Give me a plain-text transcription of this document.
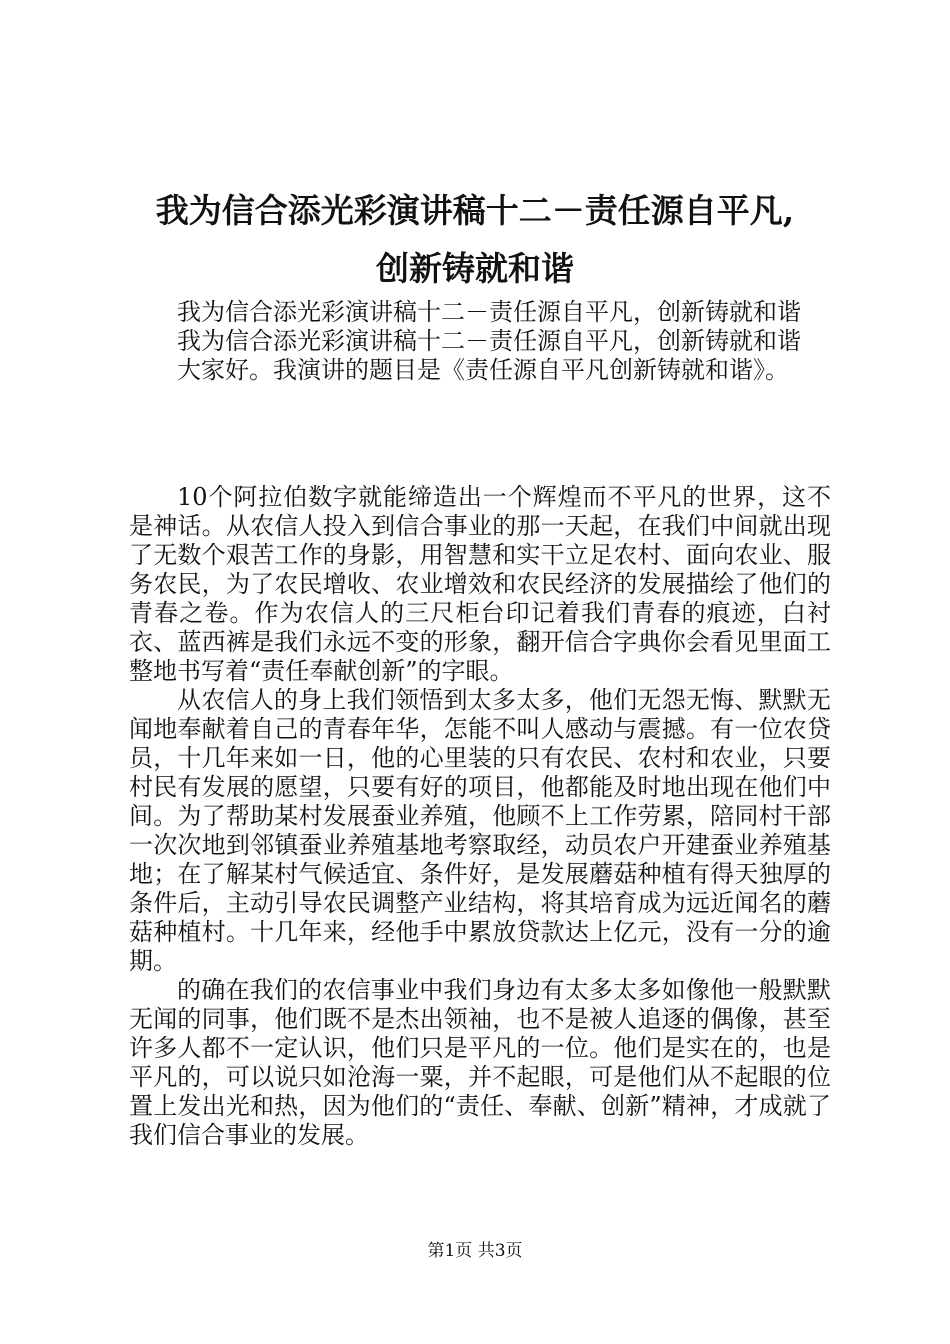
我为信合添光彩演讲稿十二－责任源自平凡,
创新铸就和谐

我为信合添光彩演讲稿十二－责任源自平凡，创新铸就和谐

我为信合添光彩演讲稿十二－责任源自平凡，创新铸就和谐

大家好。我演讲的题目是《责任源自平凡创新铸就和谐》。

10个阿拉伯数字就能缔造出一个辉煌而不平凡的世界，这不是神话。从农信人投入到信合事业的那一天起，在我们中间就出现了无数个艰苦工作的身影，用智慧和实干立足农村、面向农业、服务农民，为了农民增收、农业增效和农民经济的发展描绘了他们的青春之卷。作为农信人的三尺柜台印记着我们青春的痕迹，白衬衣、蓝西裤是我们永远不变的形象，翻开信合字典你会看见里面工整地书写着“责任奉献创新”的字眼。

从农信人的身上我们领悟到太多太多，他们无怨无悔、默默无闻地奉献着自己的青春年华，怎能不叫人感动与震撼。有一位农贷员，十几年来如一日，他的心里装的只有农民、农村和农业，只要村民有发展的愿望，只要有好的项目，他都能及时地出现在他们中间。为了帮助某村发展蚕业养殖，他顾不上工作劳累，陪同村干部一次次地到邻镇蚕业养殖基地考察取经，动员农户开建蚕业养殖基地；在了解某村气候适宜、条件好，是发展蘑菇种植有得天独厚的条件后，主动引导农民调整产业结构，将其培育成为远近闻名的蘑菇种植村。十几年来，经他手中累放贷款达上亿元，没有一分的逾期。

的确在我们的农信事业中我们身边有太多太多如像他一般默默无闻的同事，他们既不是杰出领袖，也不是被人追逐的偶像，甚至许多人都不一定认识，他们只是平凡的一位。他们是实在的，也是平凡的，可以说只如沧海一粟，并不起眼，可是他们从不起眼的位置上发出光和热，因为他们的“责任、奉献、创新”精神，才成就了我们信合事业的发展。

第1页 共3页
